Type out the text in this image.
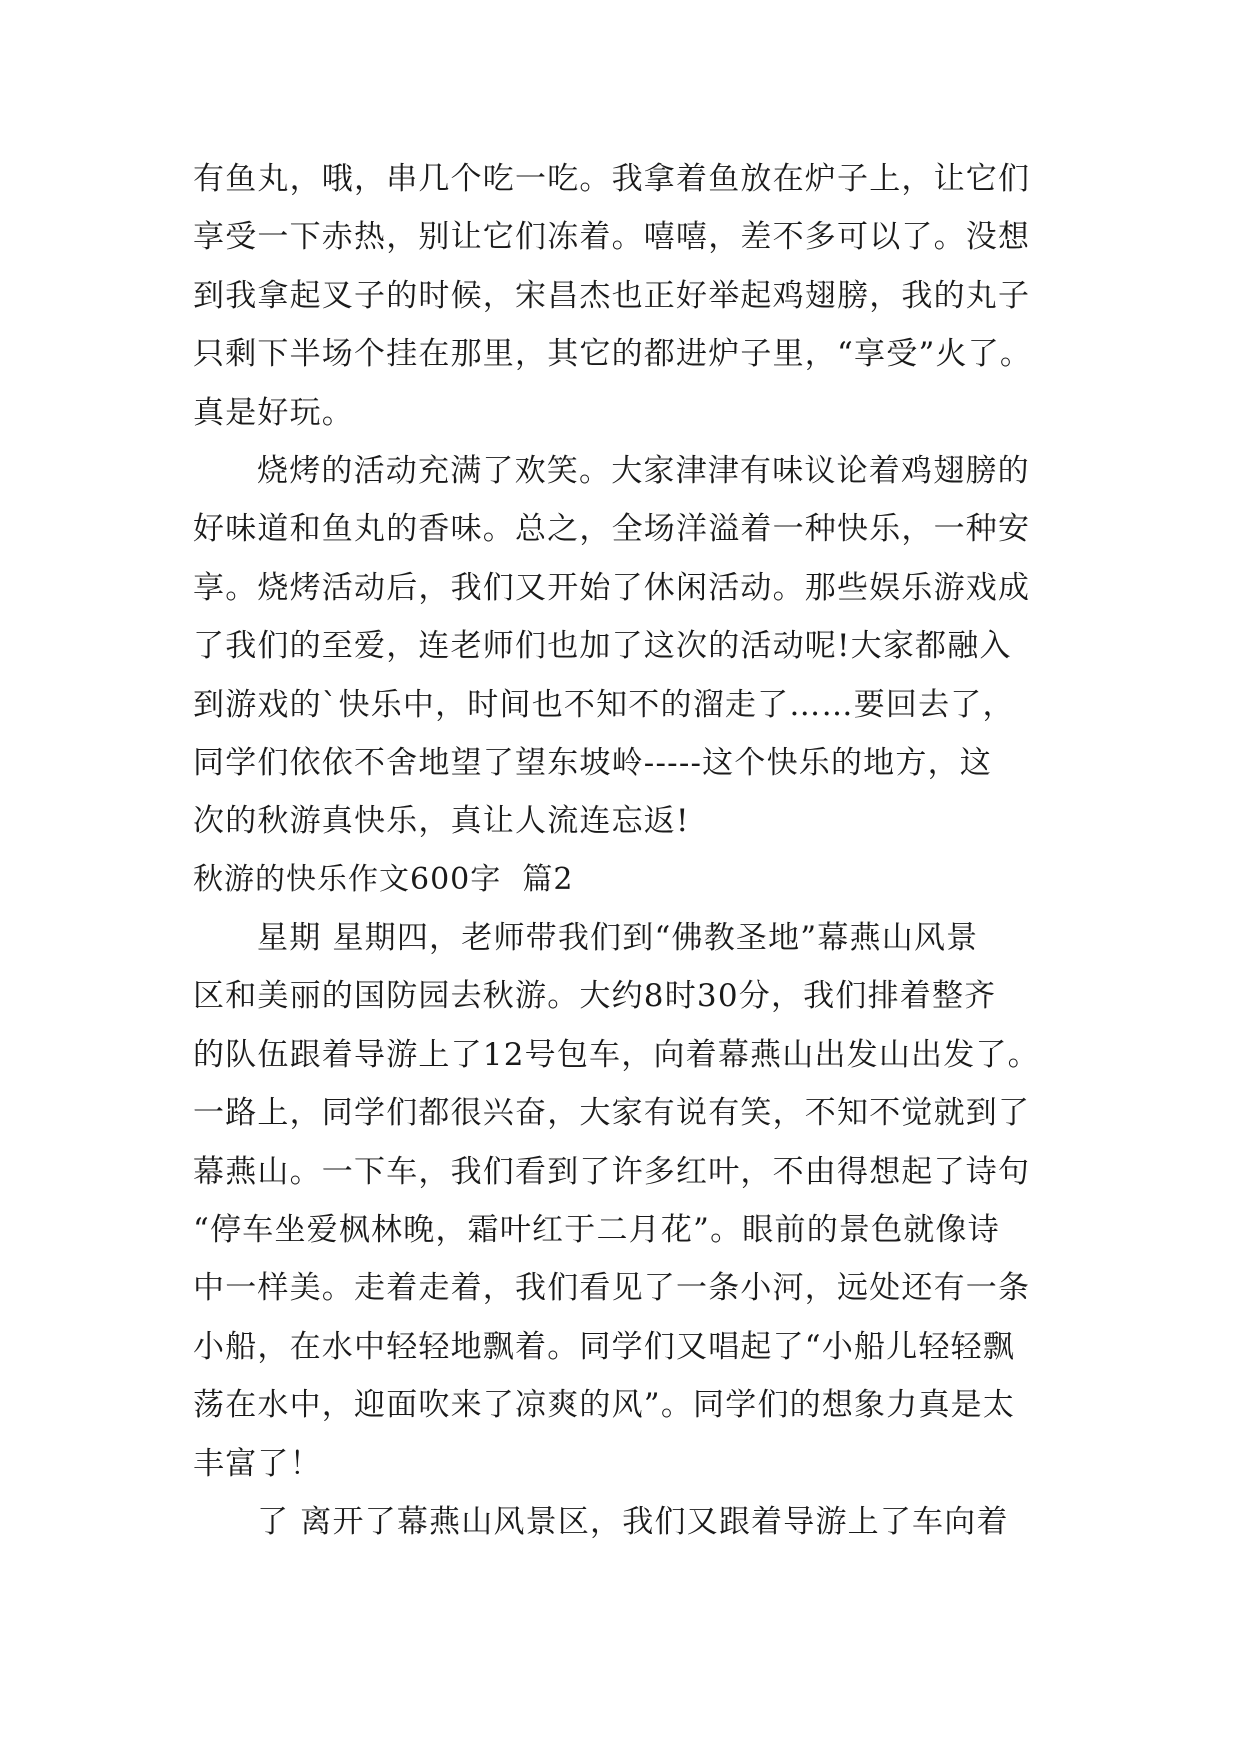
有鱼丸，哦，串几个吃一吃。我拿着鱼放在炉子上，让它们
享受一下赤热，别让它们冻着。嘻嘻，差不多可以了。没想
到我拿起叉子的时候，宋昌杰也正好举起鸡翅膀，我的丸子
只剩下半场个挂在那里，其它的都进炉子里，“享受”火了。
真是好玩。
烧烤的活动充满了欢笑。大家津津有味议论着鸡翅膀的
好味道和鱼丸的香味。总之，全场洋溢着一种快乐，一种安
享。烧烤活动后，我们又开始了休闲活动。那些娱乐游戏成
了我们的至爱，连老师们也加了这次的活动呢!大家都融入
到游戏的`快乐中，时间也不知不的溜走了……要回去了，
同学们依依不舍地望了望东坡岭-----这个快乐的地方，这
次的秋游真快乐，真让人流连忘返!
秋游的快乐作文600字  篇2
星期 星期四，老师带我们到“佛教圣地”幕燕山风景
区和美丽的国防园去秋游。大约8时30分，我们排着整齐
的队伍跟着导游上了12号包车，向着幕燕山出发山出发了。
一路上，同学们都很兴奋，大家有说有笑，不知不觉就到了
幕燕山。一下车，我们看到了许多红叶，不由得想起了诗句
“停车坐爱枫林晚，霜叶红于二月花”。眼前的景色就像诗
中一样美。走着走着，我们看见了一条小河，远处还有一条
小船，在水中轻轻地飘着。同学们又唱起了“小船儿轻轻飘
荡在水中，迎面吹来了凉爽的风”。同学们的想象力真是太
丰富了！
了 离开了幕燕山风景区，我们又跟着导游上了车向着
